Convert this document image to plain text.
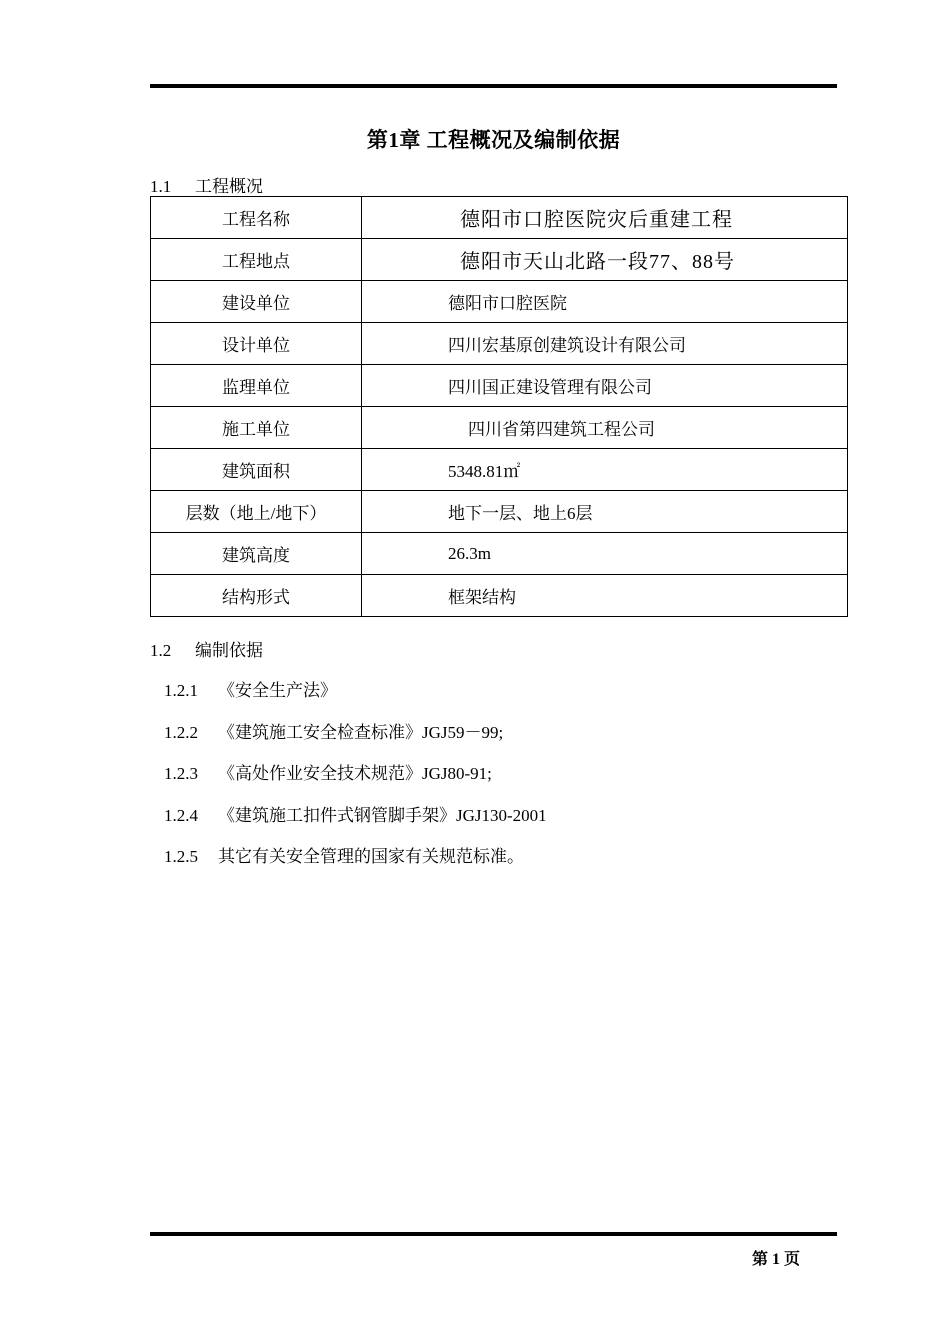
第1章 工程概况及编制依据
1.1 工程概况
工程名称	德阳市口腔医院灾后重建工程
工程地点	德阳市天山北路一段77、88号
建设单位	德阳市口腔医院
设计单位	四川宏基原创建筑设计有限公司
监理单位	四川国正建设管理有限公司
施工单位	四川省第四建筑工程公司
建筑面积	5348.81㎡
层数（地上/地下）	地下一层、地上6层
建筑高度	26.3m
结构形式	框架结构
1.2 编制依据
1.2.1 《安全生产法》
1.2.2 《建筑施工安全检查标准》JGJ59－99;
1.2.3 《高处作业安全技术规范》JGJ80-91;
1.2.4 《建筑施工扣件式钢管脚手架》JGJ130-2001
1.2.5 其它有关安全管理的国家有关规范标准。
第 1 页
